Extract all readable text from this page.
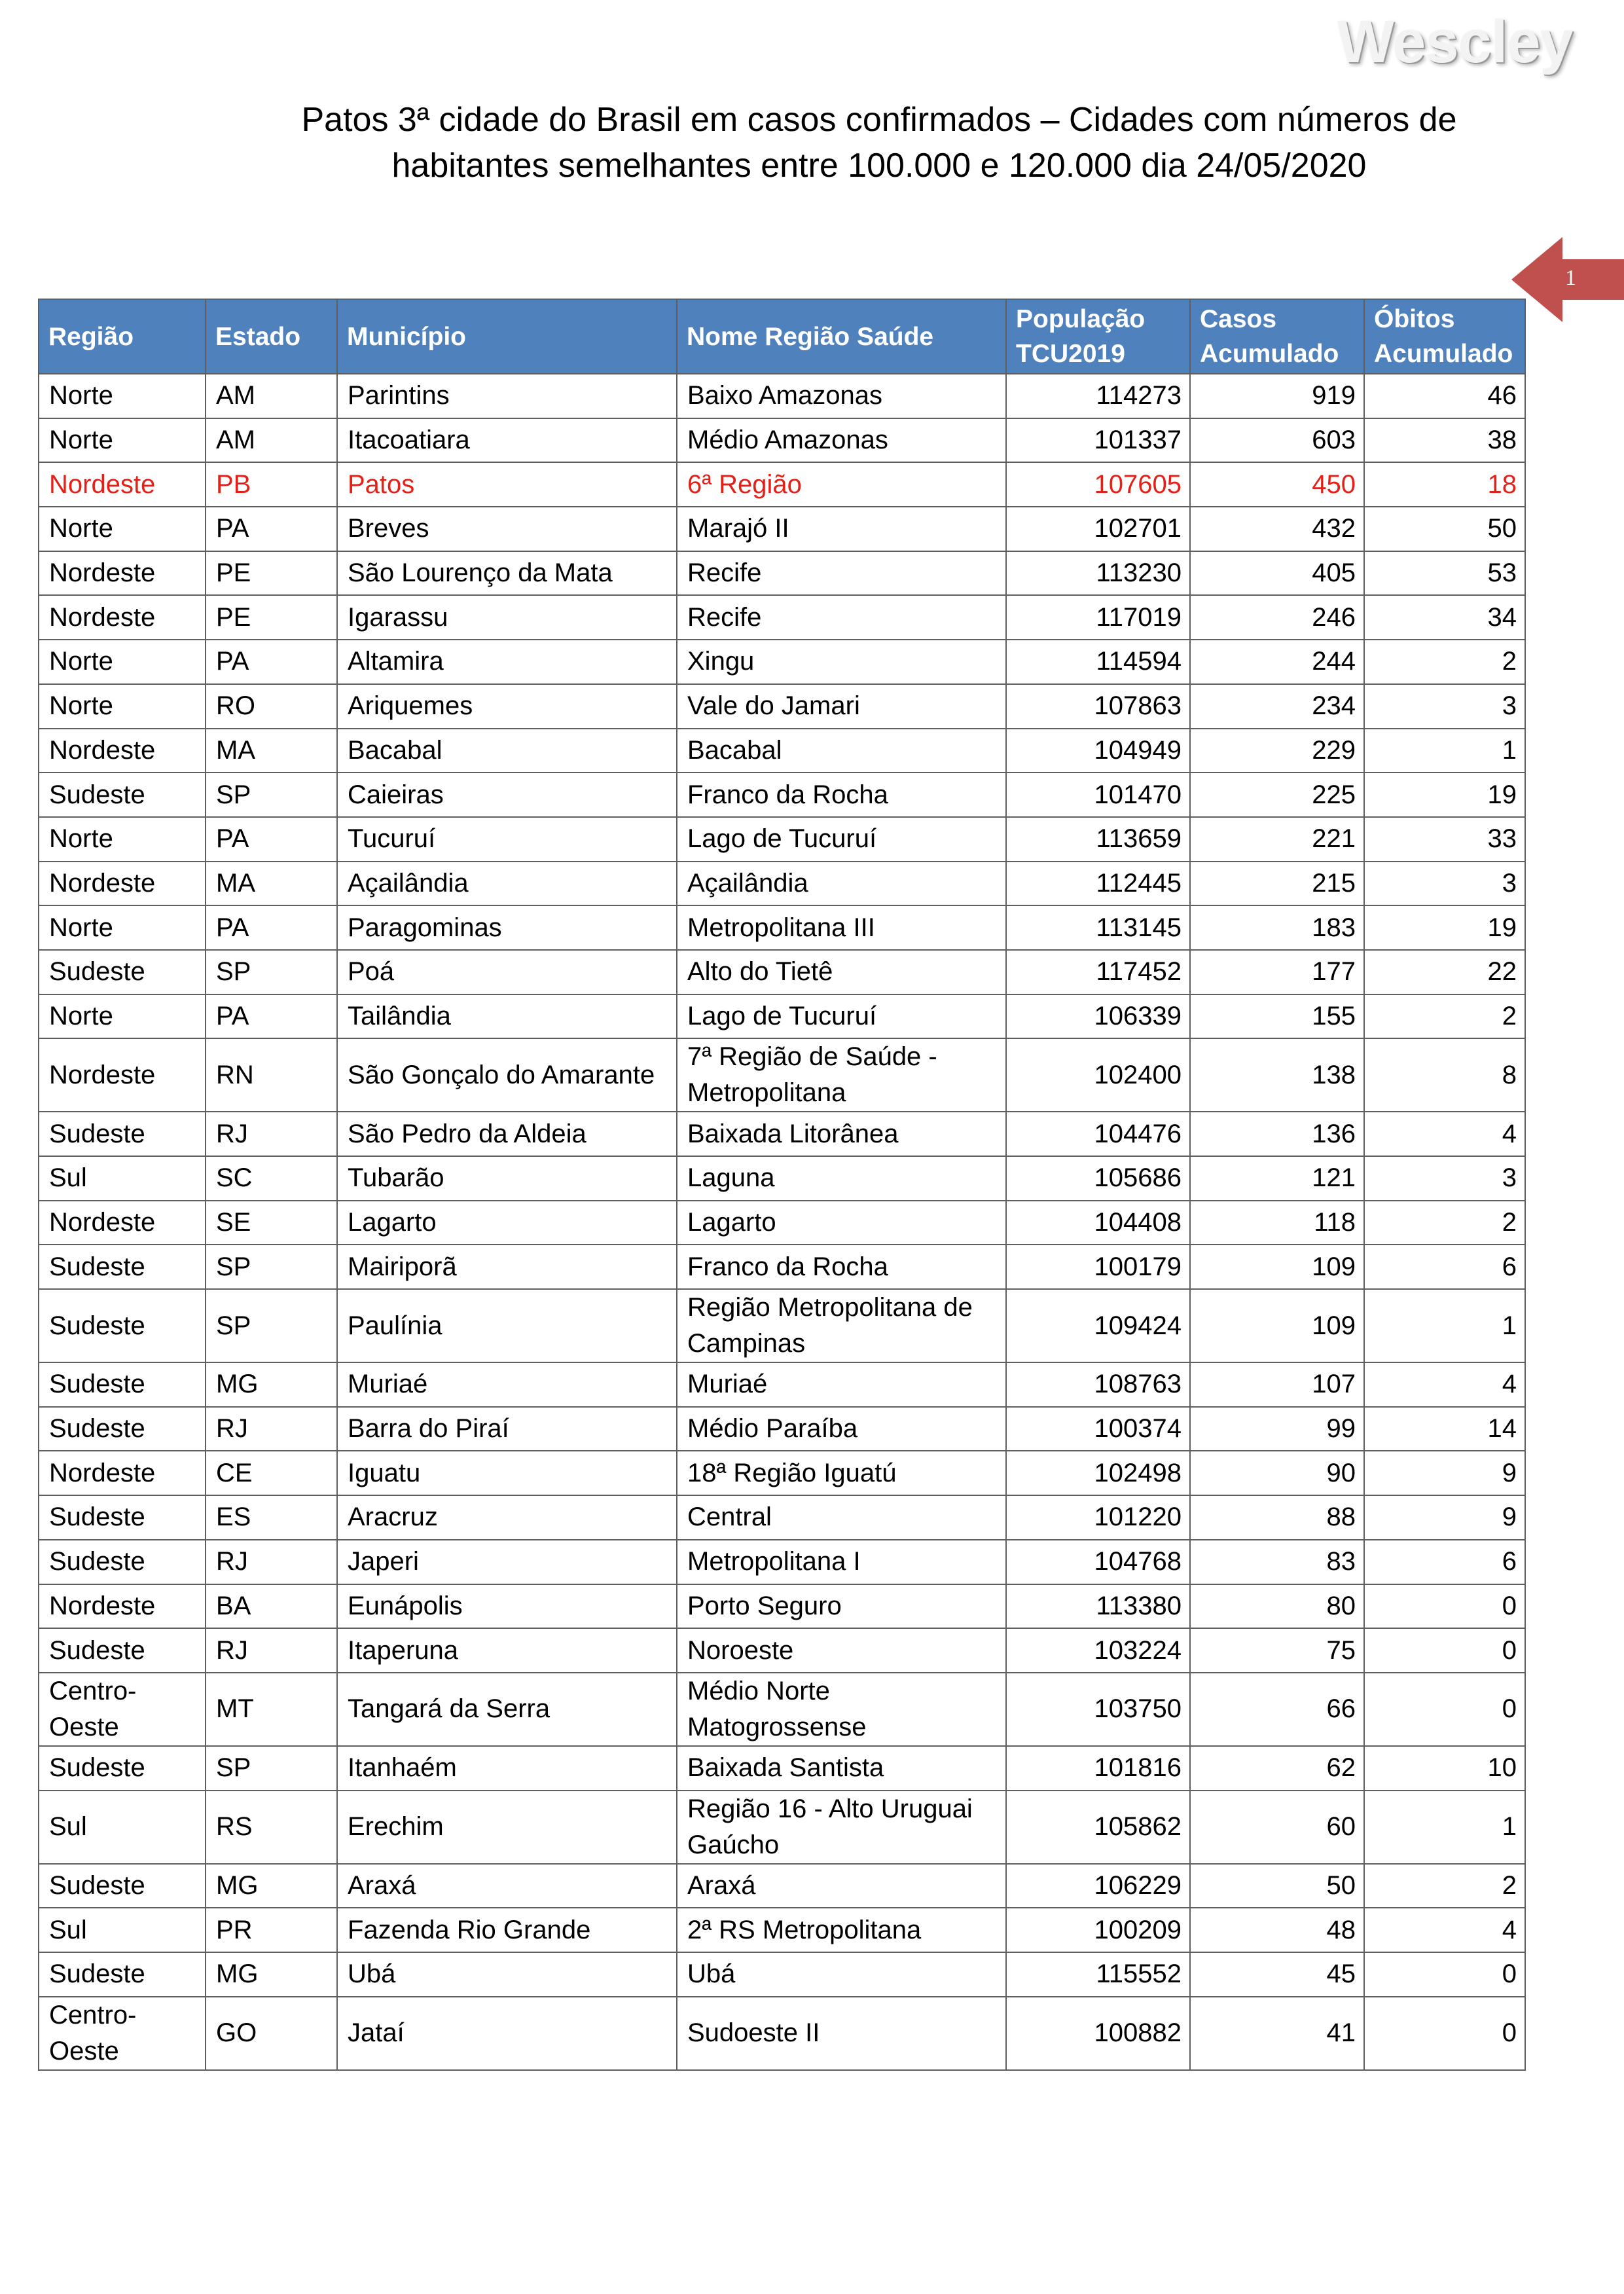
Wescley
Patos 3ª cidade do Brasil em casos confirmados – Cidades com números de
habitantes semelhantes entre 100.000 e 120.000 dia 24/05/2020
1
Região	Estado	Município	Nome Região Saúde	População TCU2019	Casos Acumulado	Óbitos Acumulado
Norte	AM	Parintins	Baixo Amazonas	114273	919	46
Norte	AM	Itacoatiara	Médio Amazonas	101337	603	38
Nordeste	PB	Patos	6ª Região	107605	450	18
Norte	PA	Breves	Marajó II	102701	432	50
Nordeste	PE	São Lourenço da Mata	Recife	113230	405	53
Nordeste	PE	Igarassu	Recife	117019	246	34
Norte	PA	Altamira	Xingu	114594	244	2
Norte	RO	Ariquemes	Vale do Jamari	107863	234	3
Nordeste	MA	Bacabal	Bacabal	104949	229	1
Sudeste	SP	Caieiras	Franco da Rocha	101470	225	19
Norte	PA	Tucuruí	Lago de Tucuruí	113659	221	33
Nordeste	MA	Açailândia	Açailândia	112445	215	3
Norte	PA	Paragominas	Metropolitana III	113145	183	19
Sudeste	SP	Poá	Alto do Tietê	117452	177	22
Norte	PA	Tailândia	Lago de Tucuruí	106339	155	2
Nordeste	RN	São Gonçalo do Amarante	7ª Região de Saúde - Metropolitana	102400	138	8
Sudeste	RJ	São Pedro da Aldeia	Baixada Litorânea	104476	136	4
Sul	SC	Tubarão	Laguna	105686	121	3
Nordeste	SE	Lagarto	Lagarto	104408	118	2
Sudeste	SP	Mairiporã	Franco da Rocha	100179	109	6
Sudeste	SP	Paulínia	Região Metropolitana de Campinas	109424	109	1
Sudeste	MG	Muriaé	Muriaé	108763	107	4
Sudeste	RJ	Barra do Piraí	Médio Paraíba	100374	99	14
Nordeste	CE	Iguatu	18ª Região Iguatú	102498	90	9
Sudeste	ES	Aracruz	Central	101220	88	9
Sudeste	RJ	Japeri	Metropolitana I	104768	83	6
Nordeste	BA	Eunápolis	Porto Seguro	113380	80	0
Sudeste	RJ	Itaperuna	Noroeste	103224	75	0
Centro-Oeste	MT	Tangará da Serra	Médio Norte Matogrossense	103750	66	0
Sudeste	SP	Itanhaém	Baixada Santista	101816	62	10
Sul	RS	Erechim	Região 16 - Alto Uruguai Gaúcho	105862	60	1
Sudeste	MG	Araxá	Araxá	106229	50	2
Sul	PR	Fazenda Rio Grande	2ª RS Metropolitana	100209	48	4
Sudeste	MG	Ubá	Ubá	115552	45	0
Centro-Oeste	GO	Jataí	Sudoeste II	100882	41	0
